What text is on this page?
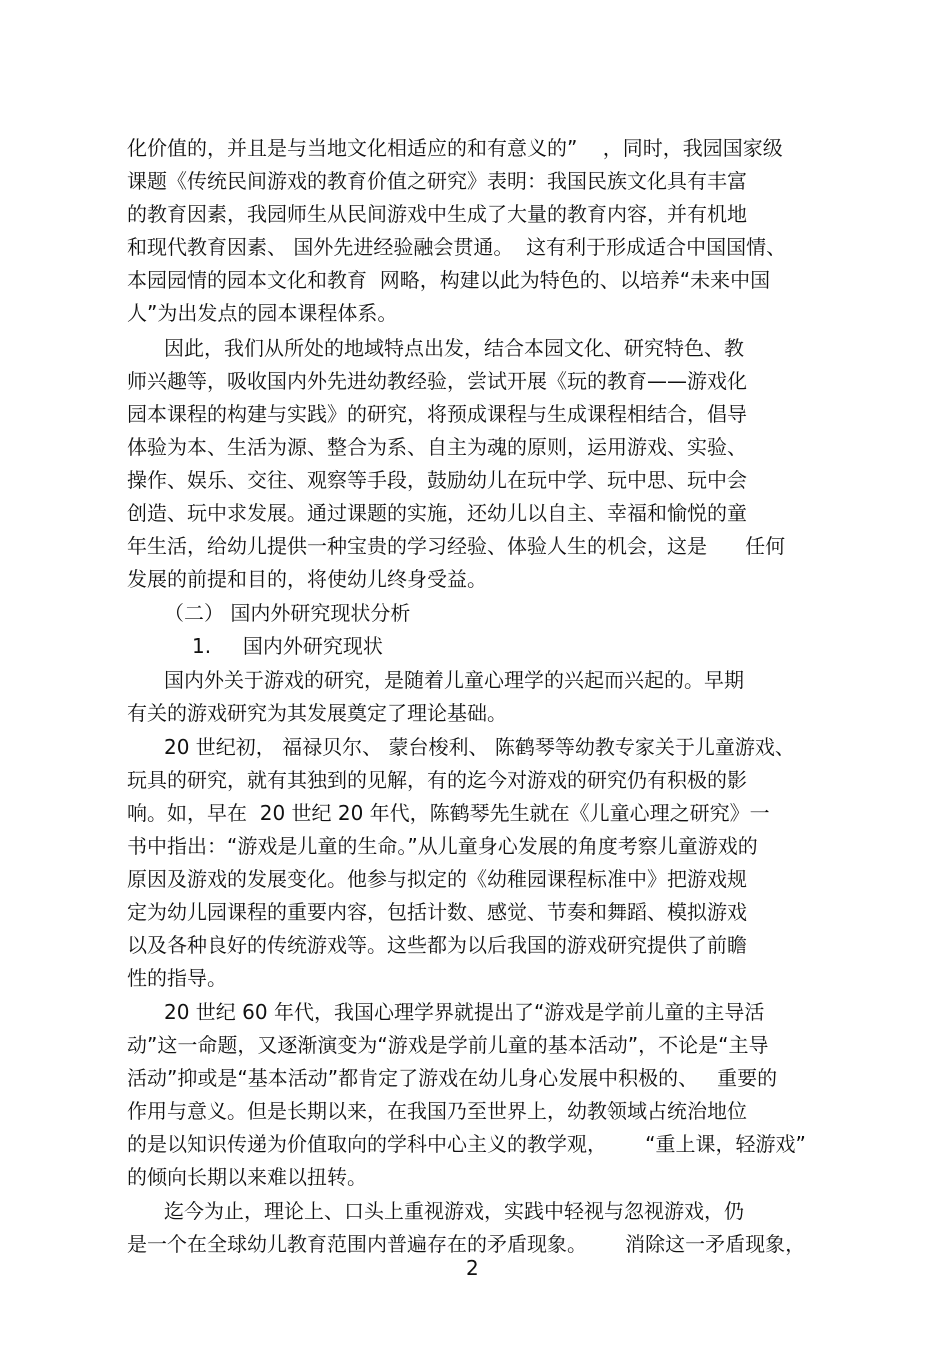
化价值的，并且是与当地文化相适应的和有意义的”    ，同时，我园国家级
课题《传统民间游戏的教育价值之研究》表明：我国民族文化具有丰富
的教育因素，我园师生从民间游戏中生成了大量的教育内容，并有机地
和现代教育因素、 国外先进经验融会贯通。  这有利于形成适合中国国情、
本园园情的园本文化和教育  网略，构建以此为特色的、以培养“未来中国
人”为出发点的园本课程体系。
因此，我们从所处的地域特点出发，结合本园文化、研究特色、教
师兴趣等，吸收国内外先进幼教经验，尝试开展《玩的教育——游戏化
园本课程的构建与实践》的研究，将预成课程与生成课程相结合，倡导
体验为本、生活为源、整合为系、自主为魂的原则，运用游戏、实验、
操作、娱乐、交往、观察等手段，鼓励幼儿在玩中学、玩中思、玩中会
创造、玩中求发展。通过课题的实施，还幼儿以自主、幸福和愉悦的童
年生活，给幼儿提供一种宝贵的学习经验、体验人生的机会，这是      任何
发展的前提和目的，将使幼儿终身受益。
（二） 国内外研究现状分析
1.     国内外研究现状
国内外关于游戏的研究，是随着儿童心理学的兴起而兴起的。早期
有关的游戏研究为其发展奠定了理论基础。
20 世纪初， 福禄贝尔、 蒙台梭利、 陈鹤琴等幼教专家关于儿童游戏、
玩具的研究，就有其独到的见解，有的迄今对游戏的研究仍有积极的影
响。如，早在  20 世纪 20 年代，陈鹤琴先生就在《儿童心理之研究》一
书中指出：“游戏是儿童的生命。”从儿童身心发展的角度考察儿童游戏的
原因及游戏的发展变化。他参与拟定的《幼稚园课程标准中》把游戏规
定为幼儿园课程的重要内容，包括计数、感觉、节奏和舞蹈、模拟游戏
以及各种良好的传统游戏等。这些都为以后我国的游戏研究提供了前瞻
性的指导。
20 世纪 60 年代，我国心理学界就提出了“游戏是学前儿童的主导活
动”这一命题，又逐渐演变为“游戏是学前儿童的基本活动”，不论是“主导
活动”抑或是“基本活动”都肯定了游戏在幼儿身心发展中积极的、   重要的
作用与意义。但是长期以来，在我国乃至世界上，幼教领域占统治地位
的是以知识传递为价值取向的学科中心主义的教学观，      “重上课，轻游戏”
的倾向长期以来难以扭转。
迄今为止，理论上、口头上重视游戏，实践中轻视与忽视游戏，仍
是一个在全球幼儿教育范围内普遍存在的矛盾现象。      消除这一矛盾现象，
2
